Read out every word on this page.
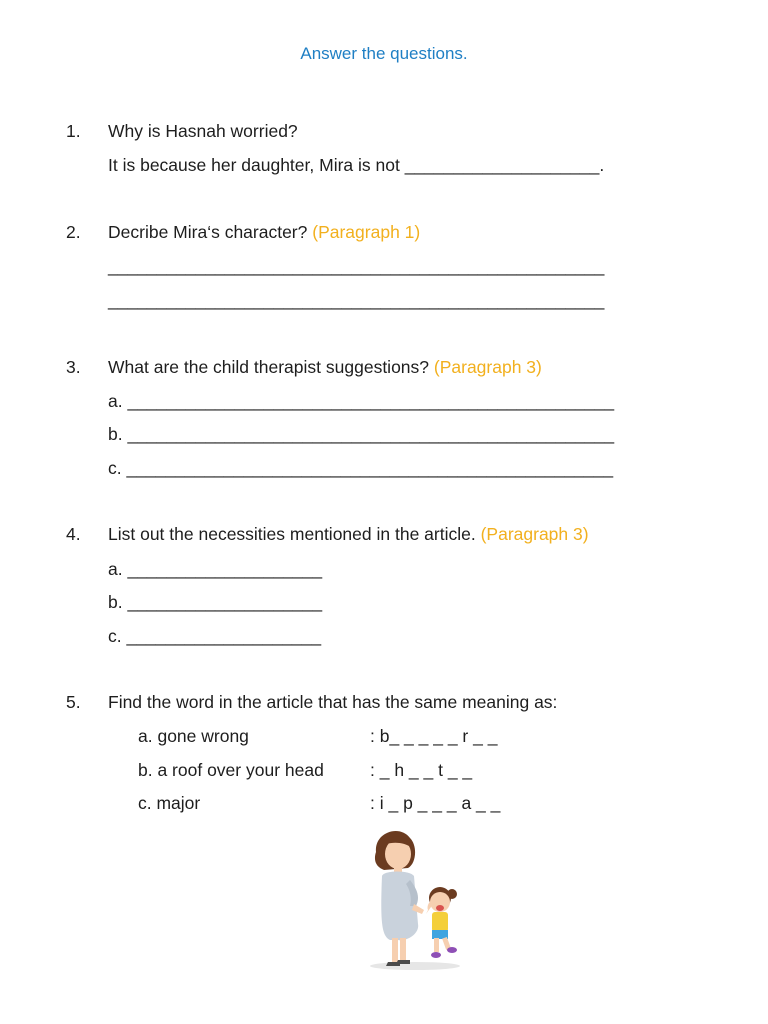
Answer the questions.
1. Why is Hasnah worried?
It is because her daughter, Mira is not ____________________.
2. Decribe Mira‘s character? (Paragraph 1)
___________________________________________________
___________________________________________________
3. What are the child therapist suggestions? (Paragraph 3)
a. __________________________________________________
b. __________________________________________________
c. __________________________________________________
4. List out the necessities mentioned in the article. (Paragraph 3)
a. ____________________
b. ____________________
c. ____________________
5. Find the word in the article that has the same meaning as:
a. gone wrong	: b_ _ _ _ _ r _ _
b. a roof over your head	: _ h _ _ t _ _
c. major	: i _ p _ _ _ a _ _
